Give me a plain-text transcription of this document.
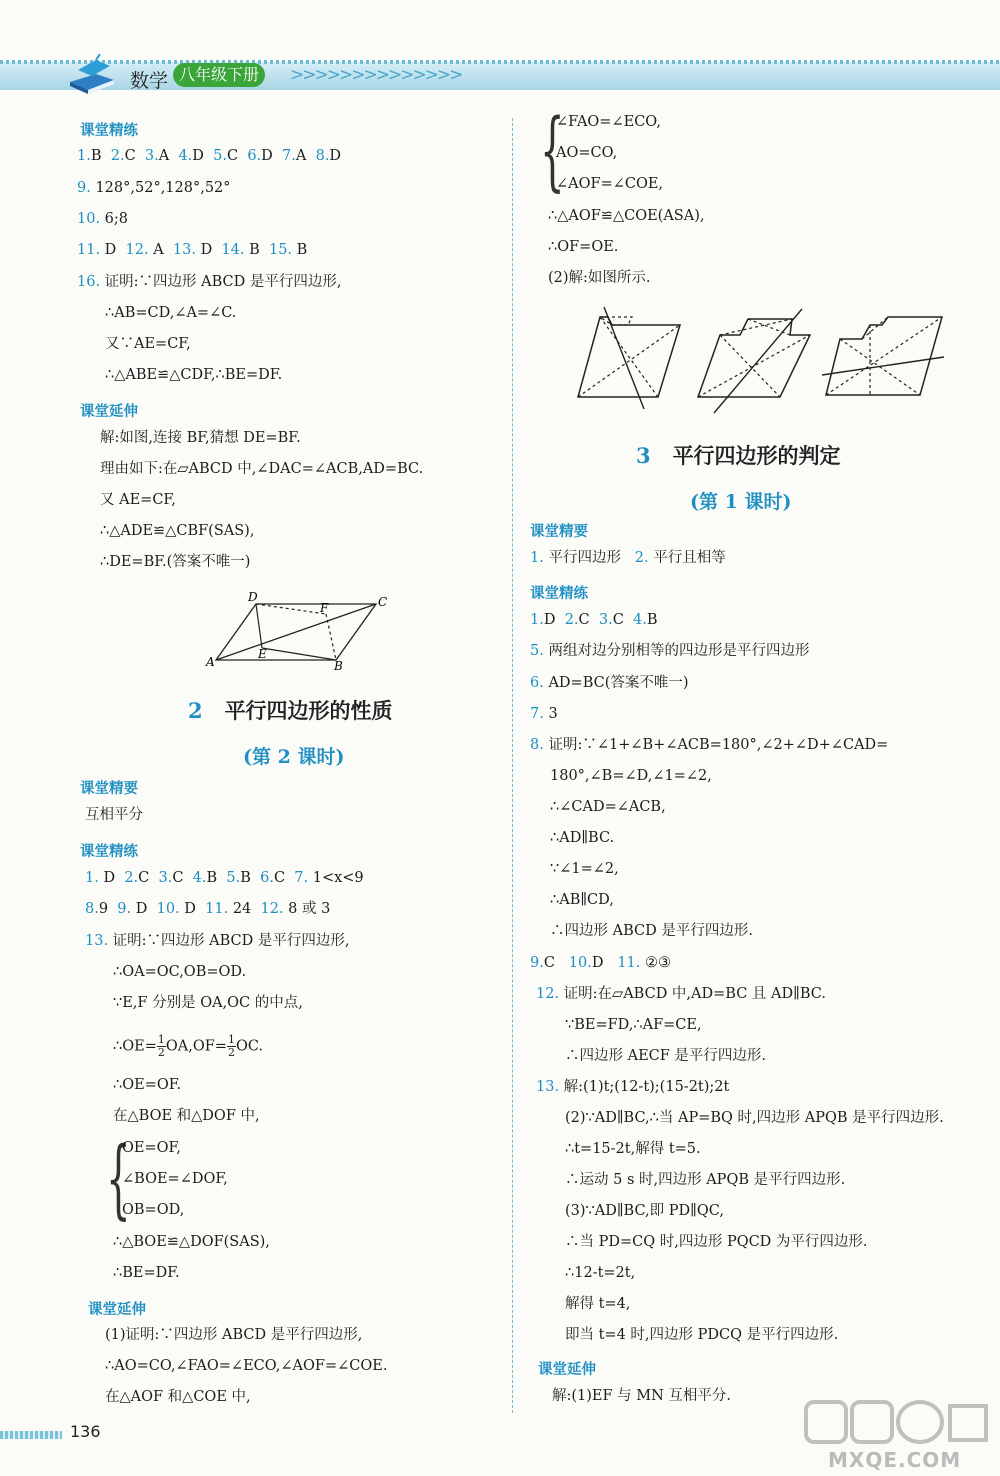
数学 八年级下册	>>>>>>>>>>>>>>
课堂精练
1.B 2.C 3.A 4.D 5.C 6.D 7.A 8.D
9. 128°,52°,128°,52°
10. 6;8
11. D 12. A 13. D 14. B 15. B
16. 证明:∵四边形 ABCD 是平行四边形,
∴AB=CD,∠A=∠C.
又∵AE=CF,
∴△ABE≌△CDF,∴BE=DF.
课堂延伸
解:如图,连接 BF,猜想 DE=BF.
理由如下:在▱ABCD 中,∠DAC=∠ACB,AD=BC.
又 AE=CF,
∴△ADE≌△CBF(SAS),
∴DE=BF.(答案不唯一)
D	C
F
A
E
B
2 平行四边形的性质
(第 2 课时)
课堂精要
互相平分
课堂精练
1. D 2.C 3.C 4.B 5.B 6.C 7. 1<x<9
8.9 9. D 10. D 11. 24 12. 8 或 3
13. 证明:∵四边形 ABCD 是平行四边形,
∴OA=OC,OB=OD.
∵E,F 分别是 OA,OC 的中点,
∴OE= $\frac{1}{2} OA,OF= \frac{1}{2}$ OC.
∴OE=OF.
在△BOE 和△DOF 中,
{
OE=OF,
∠BOE=∠DOF,
OB=OD,
∴△BOE≌△DOF(SAS),
∴BE=DF.
课堂延伸
(1)证明:∵四边形 ABCD 是平行四边形,
∴AO=CO,∠FAO=∠ECO,∠AOF=∠COE.
在△AOF 和△COE 中,
{
∠FAO=∠ECO,
AO=CO,
∠AOF=∠COE,
∴△AOF≌△COE(ASA),
∴OF=OE.
(2)解:如图所示.
3 平行四边形的判定
(第 1 课时)
课堂精要
1. 平行四边形 2. 平行且相等
课堂精练
1.D 2.C 3.C 4.B
5. 两组对边分别相等的四边形是平行四边形
6. AD=BC(答案不唯一)
7. 3
8. 证明:∵∠1+∠B+∠ACB=180°,∠2+∠D+∠CAD=
180°,∠B=∠D,∠1=∠2,
∴∠CAD=∠ACB,
∴AD∥BC.
∵∠1=∠2,
∴AB∥CD,
∴四边形 ABCD 是平行四边形.
9.C 10.D 11. ②③
12. 证明:在▱ABCD 中,AD=BC 且 AD∥BC.
∵BE=FD,∴AF=CE,
∴四边形 AECF 是平行四边形.
13. 解:(1)t;(12-t);(15-2t);2t
(2)∵AD∥BC,∴当 AP=BQ 时,四边形 APQB 是平行四边形.
∴t=15-2t,解得 t=5.
∴运动 5 s 时,四边形 APQB 是平行四边形.
(3)∵AD∥BC,即 PD∥QC,
∴当 PD=CQ 时,四边形 PQCD 为平行四边形.
∴12-t=2t,
解得 t=4,
即当 t=4 时,四边形 PDCQ 是平行四边形.
课堂延伸
解:(1)EF 与 MN 互相平分.
136
MXQE.COM
